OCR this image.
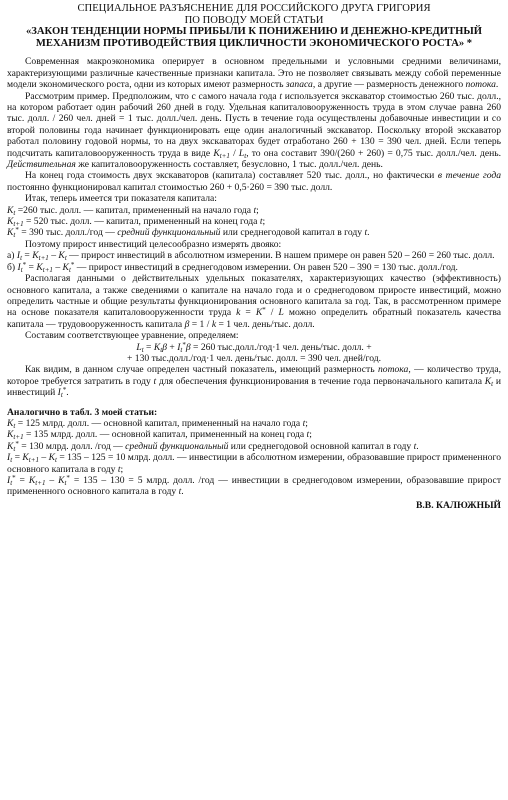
СПЕЦИАЛЬНОЕ РАЗЪЯСНЕНИЕ ДЛЯ РОССИЙСКОГО ДРУГА ГРИГОРИЯ
ПО ПОВОДУ МОЕЙ СТАТЬИ
«ЗАКОН ТЕНДЕНЦИИ НОРМЫ ПРИБЫЛИ К ПОНИЖЕНИЮ И ДЕНЕЖНО-КРЕДИТНЫЙ МЕХАНИЗМ ПРОТИВОДЕЙСТВИЯ ЦИКЛИЧНОСТИ ЭКОНОМИЧЕСКОГО РОСТА» *

Современная макроэкономика оперирует в основном предельными и условными средними величинами, характеризующими различные качественные признаки капитала. Это не позволяет связывать между собой переменные модели экономического роста, одни из которых имеют размерность запаса, а другие — размерность денежного потока.

Рассмотрим пример. Предположим, что с самого начала года t используется экскаватор стоимостью 260 тыс. долл., на котором работает один рабочий 260 дней в году. Удельная капиталовооруженность труда в этом случае равна 260 тыс. долл. / 260 чел. дней = 1 тыс. долл./чел. день. Пусть в течение года осуществлены добавочные инвестиции и со второй половины года начинает функционировать еще один аналогичный экскаватор. Поскольку второй экскаватор работал половину годовой нормы, то на двух экскаваторах будет отработано 260 + 130 = 390 чел. дней. Если теперь подсчитать капиталовооруженность труда в виде $K_{t+1} / L_t$, то она составит 390/(260 + 260) = 0,75 тыс. долл./чел. день. Действительная же капиталовооруженность составляет, безусловно, 1 тыс. долл./чел. день.

На конец года стоимость двух экскаваторов (капитала) составляет 520 тыс. долл., но фактически в течение года постоянно функционировал капитал стоимостью 260 + 0,5·260 = 390 тыс. долл.

Итак, теперь имеется три показателя капитала:

$K_t =260$ тыс. долл. — капитал, примененный на начало года t;

$K_{t+1} = 520$ тыс. долл. — капитал, примененный на конец года t;

$K_t^* = 390$ тыс. долл./год — средний функциональный или среднегодовой капитал в году t.

Поэтому прирост инвестиций целесообразно измерять двояко:

а) $I_t = K_{t+1} - K_t$ — прирост инвестиций в абсолютном измерении. В нашем примере он равен 520 – 260 = 260 тыс. долл.

б) $I_t^* = K_{t+1} - K_t^*$ — прирост инвестиций в среднегодовом измерении. Он равен 520 – 390 = 130 тыс. долл./год.

Располагая данными о действительных удельных показателях, характеризующих качество (эффективность) основного капитала, а также сведениями о капитале на начало года и о среднегодовом приросте инвестиций, можно определить частные и общие результаты функционирования основного капитала за год. Так, в рассмотренном примере на основе показателя капиталовооруженности труда k = K* / L можно определить обратный показатель качества капитала — трудовооруженность капитала β = 1 / k = 1 чел. день/тыс. долл.

Составим соответствующее уравнение, определяем:

$L_t = K_t\beta + I_t^*\beta = 260$ тыс.долл./год·1 чел. день/тыс. долл. +

+ 130 тыс.долл./год·1 чел. день/тыс. долл. = 390 чел. дней/год.

Как видим, в данном случае определен частный показатель, имеющий размерность потока, — количество труда, которое требуется затратить в году t для обеспечения функционирования в течение года первоначального капитала $K_t$ и инвестиций $I_t^*$.

Аналогично в табл. 3 моей статьи:

$K_t = 125$ млрд. долл. — основной капитал, примененный на начало года t;

$K_{t+1} = 135$ млрд. долл. — основной капитал, примененный на конец года t;

$K_t^* = 130$ млрд. долл. /год — средний функциональный или среднегодовой основной капитал в году t.

$I_t = K_{t+1} - K_t = 135 - 125 = 10$ млрд. долл. — инвестиции в абсолютном измерении, образовавшие прирост примененного основного капитала в году t;

$I_t^* = K_{t+1} - K_t^* = 135 - 130 = 5$ млрд. долл. /год — инвестиции в среднегодовом измерении, образовавшие прирост примененного основного капитала в году t.

В.В. КАЛЮЖНЫЙ
